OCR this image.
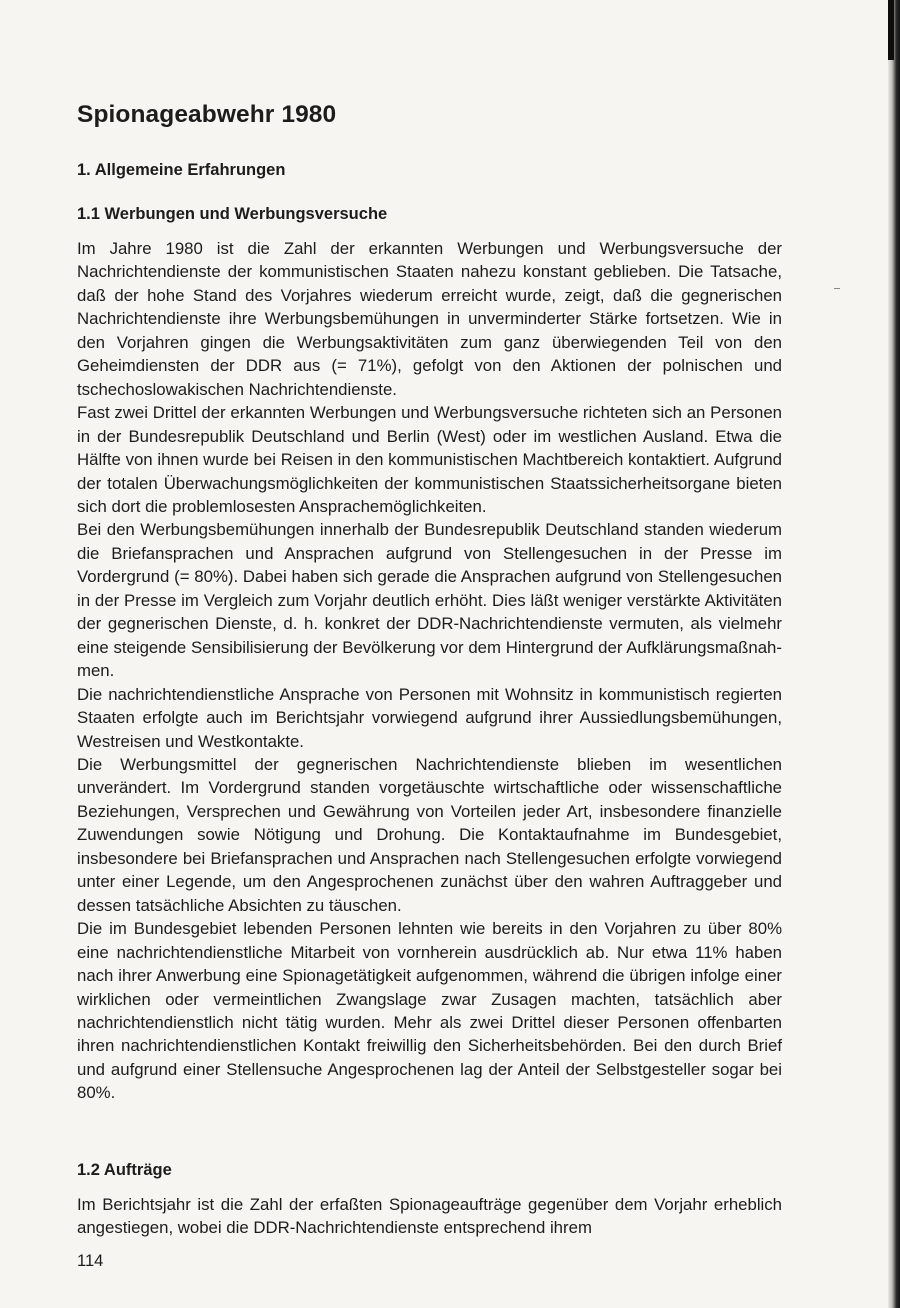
Spionageabwehr 1980
1. Allgemeine Erfahrungen
1.1 Werbungen und Werbungsversuche

Im Jahre 1980 ist die Zahl der erkannten Werbungen und Werbungsversuche der Nachrichtendienste der kommunistischen Staaten nahezu konstant geblieben. Die Tatsache, daß der hohe Stand des Vorjahres wiederum erreicht wurde, zeigt, daß die gegnerischen Nachrichtendienste ihre Werbungsbemühungen in unverminderter Stärke fortsetzen. Wie in den Vorjahren gingen die Werbungsaktivitäten zum ganz überwiegenden Teil von den Geheimdiensten der DDR aus (= 71%), gefolgt von den Aktionen der polnischen und tschechoslowakischen Nachrichtendienste.

Fast zwei Drittel der erkannten Werbungen und Werbungsversuche richteten sich an Personen in der Bundesrepublik Deutschland und Berlin (West) oder im westlichen Ausland. Etwa die Hälfte von ihnen wurde bei Reisen in den kommunistischen Machtbereich kontaktiert. Aufgrund der totalen Überwachungsmöglichkeiten der kommunistischen Staatssicherheitsorgane bieten sich dort die problemlosesten Ansprachemöglichkeiten.

Bei den Werbungsbemühungen innerhalb der Bundesrepublik Deutschland standen wiederum die Briefansprachen und Ansprachen aufgrund von Stellengesuchen in der Presse im Vordergrund (= 80%). Dabei haben sich gerade die Ansprachen aufgrund von Stellengesuchen in der Presse im Vergleich zum Vorjahr deutlich erhöht. Dies läßt weniger verstärkte Aktivitäten der gegnerischen Dienste, d. h. konkret der DDR-Nachrichtendienste vermuten, als vielmehr eine steigende Sensibilisierung der Bevölkerung vor dem Hintergrund der Aufklärungsmaßnahmen.

Die nachrichtendienstliche Ansprache von Personen mit Wohnsitz in kommunistisch regierten Staaten erfolgte auch im Berichtsjahr vorwiegend aufgrund ihrer Aussiedlungsbemühungen, Westreisen und Westkontakte.

Die Werbungsmittel der gegnerischen Nachrichtendienste blieben im wesentlichen unverändert. Im Vordergrund standen vorgetäuschte wirtschaftliche oder wissenschaftliche Beziehungen, Versprechen und Gewährung von Vorteilen jeder Art, insbesondere finanzielle Zuwendungen sowie Nötigung und Drohung. Die Kontaktaufnahme im Bundesgebiet, insbesondere bei Briefansprachen und Ansprachen nach Stellengesuchen erfolgte vorwiegend unter einer Legende, um den Angesprochenen zunächst über den wahren Auftraggeber und dessen tatsächliche Absichten zu täuschen.

Die im Bundesgebiet lebenden Personen lehnten wie bereits in den Vorjahren zu über 80% eine nachrichtendienstliche Mitarbeit von vornherein ausdrücklich ab. Nur etwa 11% haben nach ihrer Anwerbung eine Spionagetätigkeit aufgenommen, während die übrigen infolge einer wirklichen oder vermeintlichen Zwangslage zwar Zusagen machten, tatsächlich aber nachrichtendienstlich nicht tätig wurden. Mehr als zwei Drittel dieser Personen offenbarten ihren nachrichtendienstlichen Kontakt freiwillig den Sicherheitsbehörden. Bei den durch Brief und aufgrund einer Stellensuche Angesprochenen lag der Anteil der Selbstgesteller sogar bei 80%.

1.2 Aufträge

Im Berichtsjahr ist die Zahl der erfaßten Spionageaufträge gegenüber dem Vorjahr erheblich angestiegen, wobei die DDR-Nachrichtendienste entsprechend ihrem

114
